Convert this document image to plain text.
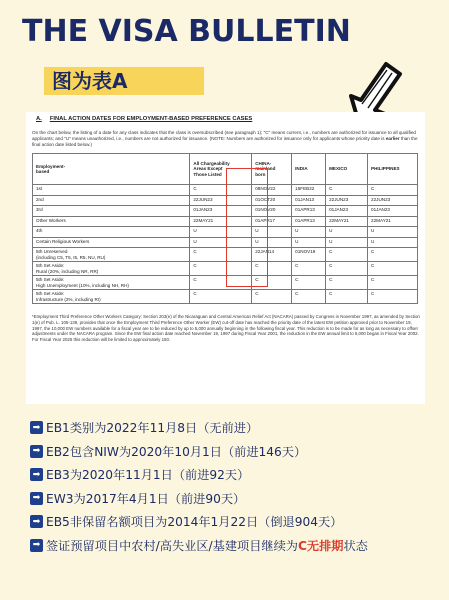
THE VISA BULLETIN
图为表A
A. FINAL ACTION DATES FOR EMPLOYMENT-BASED PREFERENCE CASES
On the chart below, the listing of a date for any class indicates that the class is oversubscribed (see paragraph 1); "C" means current, i.e., numbers are authorized for issuance to all qualified applicants; and "U" means unauthorized, i.e., numbers are not authorized for issuance. (NOTE: Numbers are authorized for issuance only for applicants whose priority date is earlier than the final action date listed below.)
Employment-
based	All Chargeability
Areas Except
Those Listed	CHINA-
mainland
born	INDIA	MEXICO	PHILIPPINES
1st	C	08NOV22	15FEB22	C	C
2nd	22JUN23	01OCT20	01JAN13	22JUN23	22JUN23
3rd	01JAN23	01NOV20	01APR13	01JAN23	01JAN23
Other Workers	22MAY21	01APR17	01APR13	22MAY21	22MAY21
4th	U	U	U	U	U
Certain Religious Workers	U	U	U	U	U
5th Unreserved
(including C5, T5, I5, R5, NU, RU)	C	22JAN14	01NOV19	C	C
5th Set Aside:
Rural (20%, including NR, RR)	C	C	C	C	C
5th Set Aside:
High Unemployment (10%, including NH, RH)	C	C	C	C	C
5th Set Aside:
Infrastructure (2%, including RI)	C	C	C	C	C
*Employment Third Preference Other Workers Category: Section 203(e) of the Nicaraguan and Central American Relief Act (NACARA) passed by Congress in November 1997, as amended by Section 1(e) of Pub. L. 105-139, provides that once the Employment Third Preference Other Worker (EW) cut-off date has reached the priority date of the latest EW petition approved prior to November 19, 1997, the 10,000 EW numbers available for a fiscal year are to be reduced by up to 5,000 annually beginning in the following fiscal year. This reduction is to be made for as long as necessary to offset adjustments under the NACARA program. Since the EW final action date reached November 19, 1997 during Fiscal Year 2001, the reduction in the EW annual limit to 5,000 began in Fiscal Year 2002. For Fiscal Year 2025 this reduction will be limited to approximately 150.
➡ EB1类别为2022年11月8日（无前进）
➡ EB2包含NIW为2020年10月1日（前进146天）
➡ EB3为2020年11月1日（前进92天）
➡ EW3为2017年4月1日（前进90天）
➡ EB5非保留名额项目为2014年1月22日（倒退904天）
➡ 签证预留项目中农村/高失业区/基建项目继续为 C无排期 状态
